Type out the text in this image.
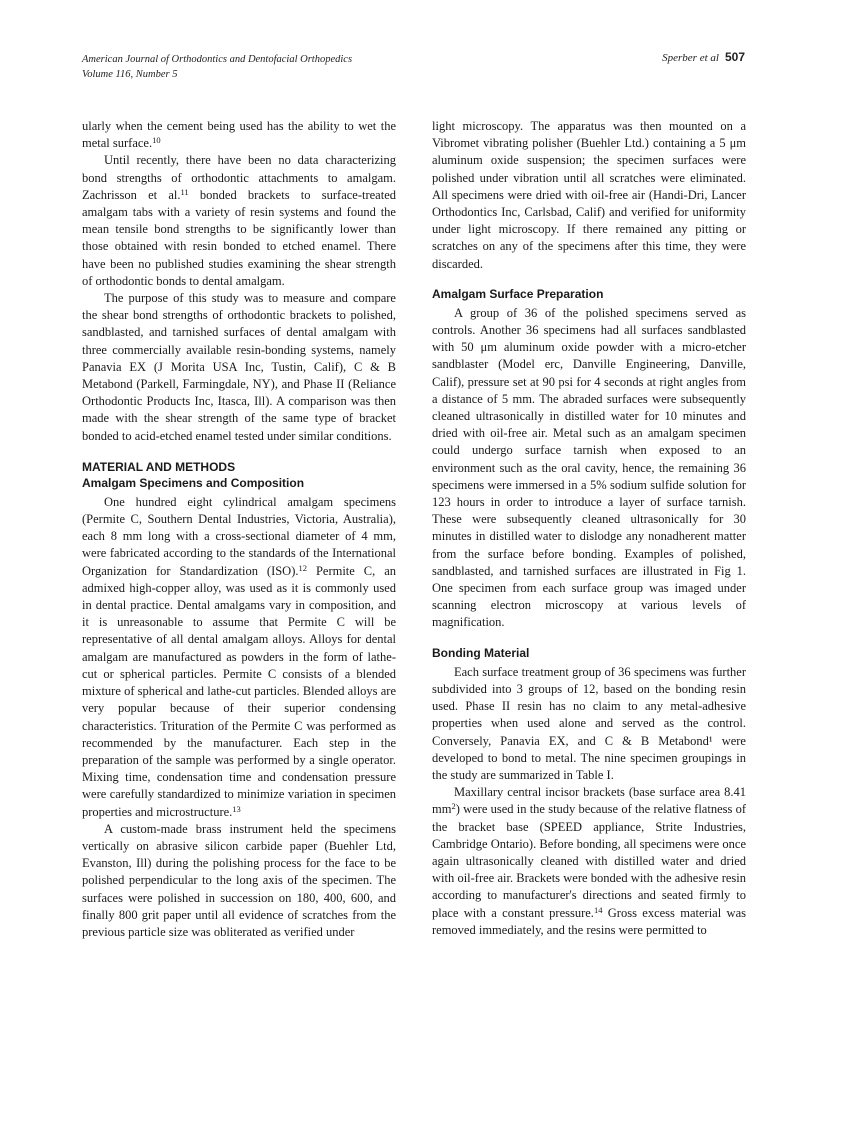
American Journal of Orthodontics and Dentofacial Orthopedics
Volume 116, Number 5
Sperber et al 507

ularly when the cement being used has the ability to wet the metal surface.$^{10}$

Until recently, there have been no data characterizing bond strengths of orthodontic attachments to amalgam. Zachrisson et al.$^{11}$ bonded brackets to surface-treated amalgam tabs with a variety of resin systems and found the mean tensile bond strengths to be significantly lower than those obtained with resin bonded to etched enamel. There have been no published studies examining the shear strength of orthodontic bonds to dental amalgam.

The purpose of this study was to measure and compare the shear bond strengths of orthodontic brackets to polished, sandblasted, and tarnished surfaces of dental amalgam with three commercially available resin-bonding systems, namely Panavia EX (J Morita USA Inc, Tustin, Calif), C & B Metabond (Parkell, Farmingdale, NY), and Phase II (Reliance Orthodontic Products Inc, Itasca, Ill). A comparison was then made with the shear strength of the same type of bracket bonded to acid-etched enamel tested under similar conditions.

MATERIAL AND METHODS
Amalgam Specimens and Composition

One hundred eight cylindrical amalgam specimens (Permite C, Southern Dental Industries, Victoria, Australia), each 8 mm long with a cross-sectional diameter of 4 mm, were fabricated according to the standards of the International Organization for Standardization (ISO).$^{12}$ Permite C, an admixed high-copper alloy, was used as it is commonly used in dental practice. Dental amalgams vary in composition, and it is unreasonable to assume that Permite C will be representative of all dental amalgam alloys. Alloys for dental amalgam are manufactured as powders in the form of lathe-cut or spherical particles. Permite C consists of a blended mixture of spherical and lathe-cut particles. Blended alloys are very popular because of their superior condensing characteristics. Trituration of the Permite C was performed as recommended by the manufacturer. Each step in the preparation of the sample was performed by a single operator. Mixing time, condensation time and condensation pressure were carefully standardized to minimize variation in specimen properties and microstructure.$^{13}$

A custom-made brass instrument held the specimens vertically on abrasive silicon carbide paper (Buehler Ltd, Evanston, Ill) during the polishing process for the face to be polished perpendicular to the long axis of the specimen. The surfaces were polished in succession on 180, 400, 600, and finally 800 grit paper until all evidence of scratches from the previous particle size was obliterated as verified under

light microscopy. The apparatus was then mounted on a Vibromet vibrating polisher (Buehler Ltd.) containing a 5 μm aluminum oxide suspension; the specimen surfaces were polished under vibration until all scratches were eliminated. All specimens were dried with oil-free air (Handi-Dri, Lancer Orthodontics Inc, Carlsbad, Calif) and verified for uniformity under light microscopy. If there remained any pitting or scratches on any of the specimens after this time, they were discarded.

Amalgam Surface Preparation

A group of 36 of the polished specimens served as controls. Another 36 specimens had all surfaces sandblasted with 50 μm aluminum oxide powder with a micro-etcher sandblaster (Model erc, Danville Engineering, Danville, Calif), pressure set at 90 psi for 4 seconds at right angles from a distance of 5 mm. The abraded surfaces were subsequently cleaned ultrasonically in distilled water for 10 minutes and dried with oil-free air. Metal such as an amalgam specimen could undergo surface tarnish when exposed to an environment such as the oral cavity, hence, the remaining 36 specimens were immersed in a 5% sodium sulfide solution for 123 hours in order to introduce a layer of surface tarnish. These were subsequently cleaned ultrasonically for 30 minutes in distilled water to dislodge any nonadherent matter from the surface before bonding. Examples of polished, sandblasted, and tarnished surfaces are illustrated in Fig 1. One specimen from each surface group was imaged under scanning electron microscopy at various levels of magnification.

Bonding Material

Each surface treatment group of 36 specimens was further subdivided into 3 groups of 12, based on the bonding resin used. Phase II resin has no claim to any metal-adhesive properties when used alone and served as the control. Conversely, Panavia EX, and C & B Metabond¹ were developed to bond to metal. The nine specimen groupings in the study are summarized in Table I.

Maxillary central incisor brackets (base surface area 8.41 $mm^2$) were used in the study because of the relative flatness of the bracket base (SPEED appliance, Strite Industries, Cambridge Ontario). Before bonding, all specimens were once again ultrasonically cleaned with distilled water and dried with oil-free air. Brackets were bonded with the adhesive resin according to manufacturer's directions and seated firmly to place with a constant pressure.$^{14}$ Gross excess material was removed immediately, and the resins were permitted to
